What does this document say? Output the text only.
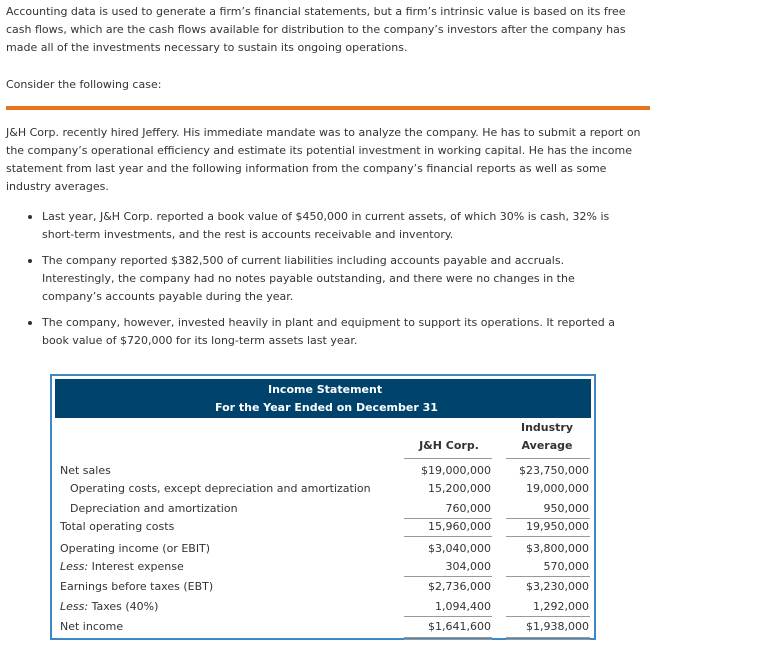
Accounting data is used to generate a firm’s financial statements, but a firm’s intrinsic value is based on its free cash flows, which are the cash flows available for distribution to the company’s investors after the company has made all of the investments necessary to sustain its ongoing operations.

Consider the following case:

J&H Corp. recently hired Jeffery. His immediate mandate was to analyze the company. He has to submit a report on the company’s operational efficiency and estimate its potential investment in working capital. He has the income statement from last year and the following information from the company’s financial reports as well as some industry averages.

Last year, J&H Corp. reported a book value of $450,000 in current assets, of which 30% is cash, 32% is short-term investments, and the rest is accounts receivable and inventory.
The company reported $382,500 of current liabilities including accounts payable and accruals. Interestingly, the company had no notes payable outstanding, and there were no changes in the company’s accounts payable during the year.
The company, however, invested heavily in plant and equipment to support its operations. It reported a book value of $720,000 for its long-term assets last year.
Income Statement
For the Year Ended on December 31
Industry
Average
J&H Corp.
Net sales	$19,000,000	$23,750,000
Operating costs, except depreciation and amortization	15,200,000	19,000,000
Depreciation and amortization	760,000	950,000
Total operating costs	15,960,000	19,950,000
Operating income (or EBIT)	$3,040,000	$3,800,000
Less: Interest expense	304,000	570,000
Earnings before taxes (EBT)	$2,736,000	$3,230,000
Less: Taxes (40%)	1,094,400	1,292,000
Net income	$1,641,600	$1,938,000
